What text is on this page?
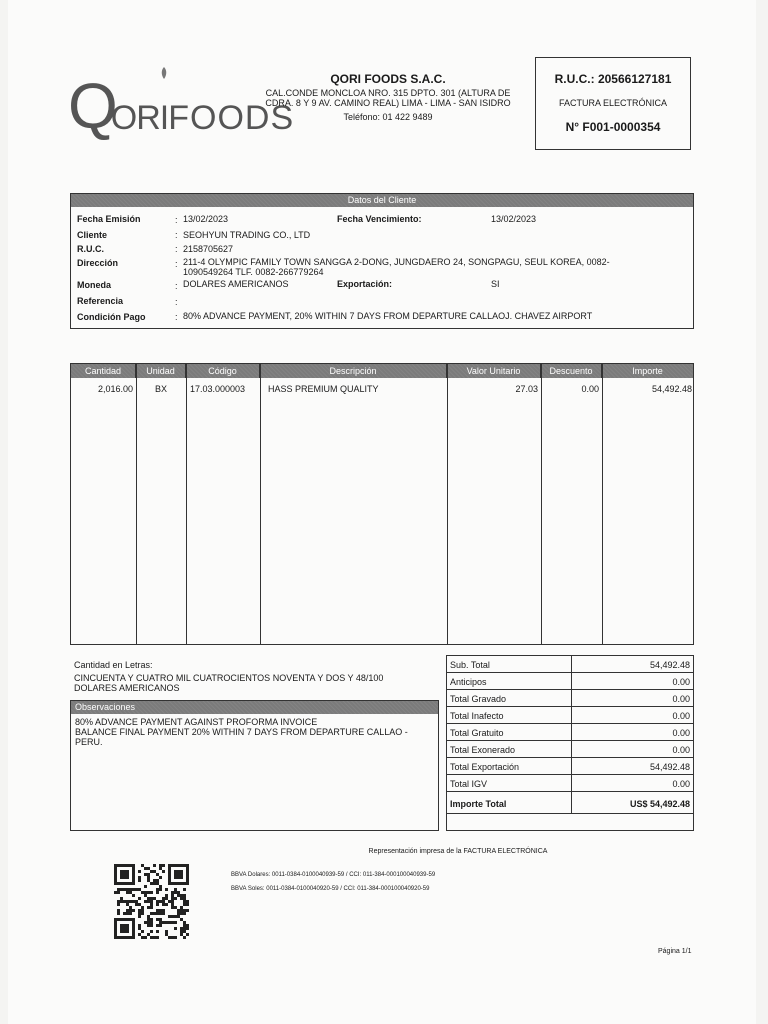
Q
ORI FOODS
QORI FOODS S.A.C.
CAL.CONDE MONCLOA NRO. 315 DPTO. 301 (ALTURA DE
CDRA. 8 Y 9 AV. CAMINO REAL) LIMA - LIMA - SAN ISIDRO
Teléfono: 01 422 9489
R.U.C.: 20566127181
FACTURA ELECTRÓNICA
N° F001-0000354
Datos del Cliente
Fecha Emisión	: 13/02/2023	Fecha Vencimiento:	13/02/2023
Cliente	: SEOHYUN TRADING CO., LTD
R.U.C.	: 2158705627
Dirección	: 211-4 OLYMPIC FAMILY TOWN SANGGA 2-DONG, JUNGDAERO 24, SONGPAGU, SEUL KOREA, 0082-
1090549264 TLF. 0082-266779264
Moneda	: DOLARES AMERICANOS	Exportación:	SI
Referencia	:
Condición Pago	: 80% ADVANCE PAYMENT, 20% WITHIN 7 DAYS FROM DEPARTURE CALLAOJ. CHAVEZ AIRPORT
Cantidad	Unidad	Código	Descripción	Valor Unitario	Descuento	Importe
2,016.00	BX	17.03.000003	HASS PREMIUM QUALITY	27.03	0.00	54,492.48
Cantidad en Letras:
CINCUENTA Y CUATRO MIL CUATROCIENTOS NOVENTA Y DOS Y 48/100
DOLARES AMERICANOS
Observaciones
80% ADVANCE PAYMENT AGAINST PROFORMA INVOICE
BALANCE FINAL PAYMENT 20% WITHIN 7 DAYS FROM DEPARTURE CALLAO -
PERU.
Sub. Total	54,492.48
Anticipos	0.00
Total Gravado	0.00
Total Inafecto	0.00
Total Gratuito	0.00
Total Exonerado	0.00
Total Exportación	54,492.48
Total IGV	0.00
Importe Total	US$ 54,492.48
Representación impresa de la FACTURA ELECTRÓNICA
BBVA Dolares: 0011-0384-0100040939-59 / CCI: 011-384-000100040939-59
BBVA Soles: 0011-0384-0100040920-59 / CCI: 011-384-000100040920-59
Página 1/1
